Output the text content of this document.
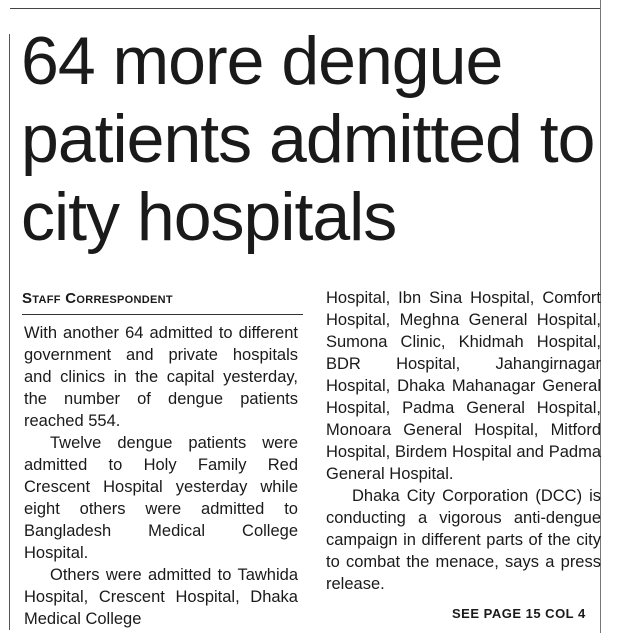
64 more dengue patients admitted to city hospitals
Staff Correspondent

With another 64 admitted to different government and private hospitals and clinics in the capital yesterday, the number of dengue patients reached 554.

Twelve dengue patients were admitted to Holy Family Red Crescent Hospital yesterday while eight others were admitted to Bangladesh Medical College Hospital.

Others were admitted to Tawhida Hospital, Crescent Hospital, Dhaka Medical College

Hospital, Ibn Sina Hospital, Comfort Hospital, Meghna General Hospital, Sumona Clinic, Khidmah Hospital, BDR Hospital, Jahangirnagar Hospital, Dhaka Mahanagar General Hospital, Padma General Hospital, Monoara General Hospital, Mitford Hospital, Birdem Hospital and Padma General Hospital.

Dhaka City Corporation (DCC) is conducting a vigorous anti-dengue campaign in different parts of the city to combat the menace, says a press release.

SEE PAGE 15 COL 4
